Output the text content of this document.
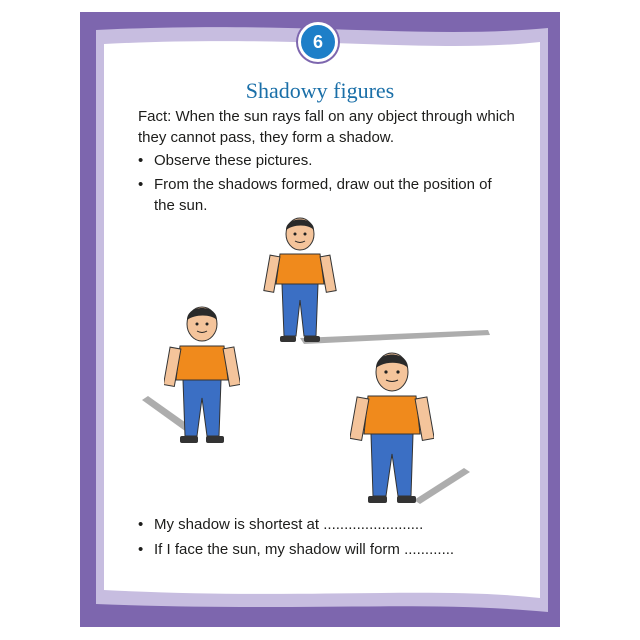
6
Shadowy figures
Fact: When the sun rays fall on any object through which they cannot pass, they form a shadow.
• Observe these pictures.
• From the shadows formed, draw out the position of the sun.
• My shadow is shortest at ........................
• If I face the sun, my shadow will form ............
